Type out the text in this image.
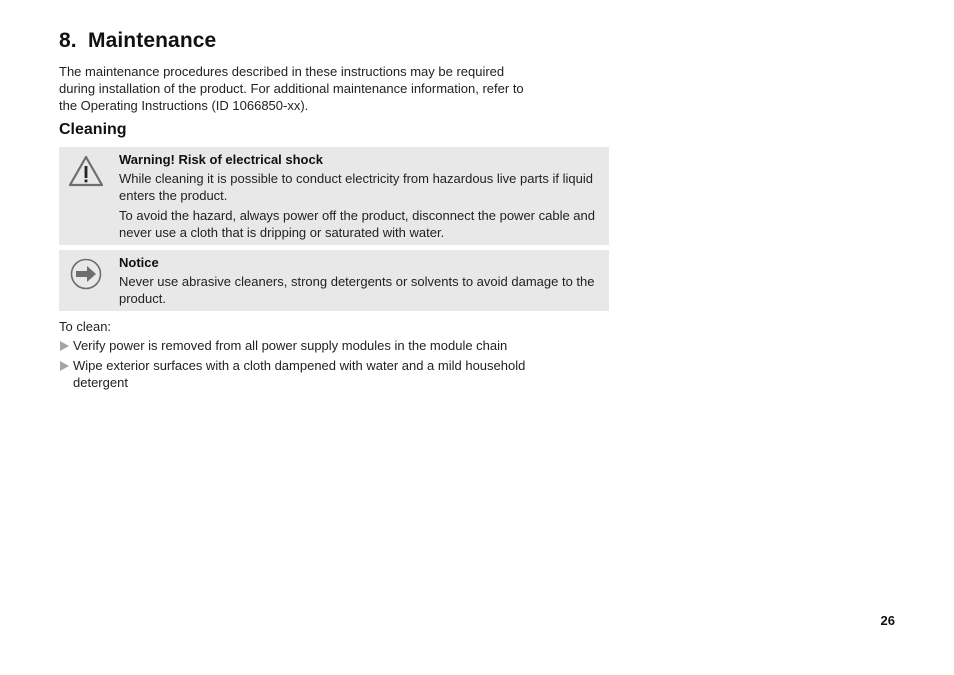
8. Maintenance

The maintenance procedures described in these instructions may be required
during installation of the product. For additional maintenance information, refer to
the Operating Instructions (ID 1066850-xx).

Cleaning
Warning! Risk of electrical shock

While cleaning it is possible to conduct electricity from hazardous live parts if liquid enters the product.

To avoid the hazard, always power off the product, disconnect the power cable and never use a cloth that is dripping or saturated with water.

Notice

Never use abrasive cleaners, strong detergents or solvents to avoid damage to the product.

To clean:

Verify power is removed from all power supply modules in the module chain
Wipe exterior surfaces with a cloth dampened with water and a mild household detergent
26
